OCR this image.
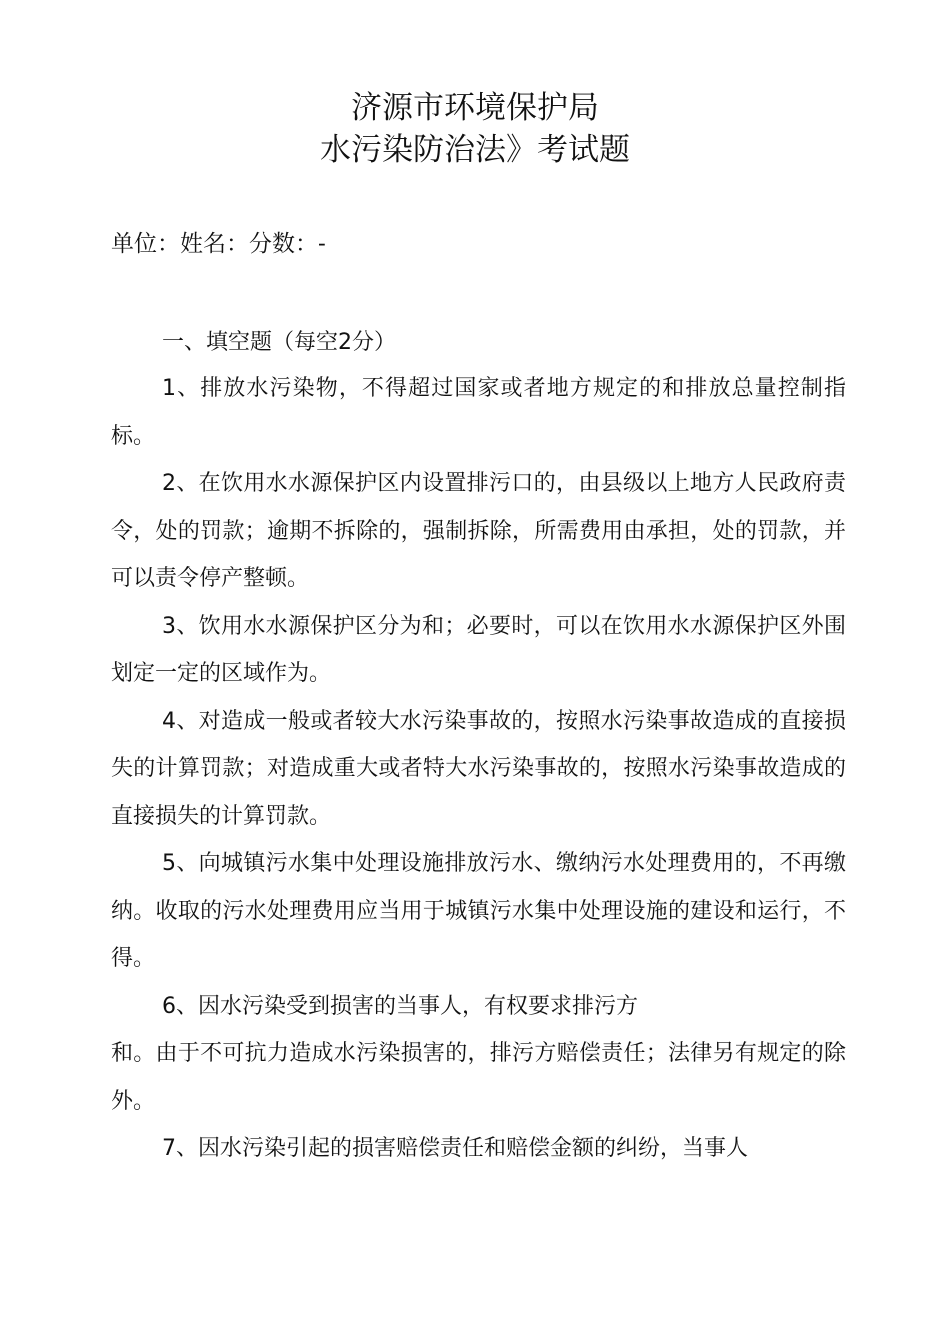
济源市环境保护局
水污染防治法》考试题
单位：姓名：分数：-
一、填空题（每空2分）

1、排放水污染物，不得超过国家或者地方规定的和排放总量控制指标。

2、在饮用水水源保护区内设置排污口的，由县级以上地方人民政府责令，处的罚款；逾期不拆除的，强制拆除，所需费用由承担，处的罚款，并可以责令停产整顿。

3、饮用水水源保护区分为和；必要时，可以在饮用水水源保护区外围划定一定的区域作为。

4、对造成一般或者较大水污染事故的，按照水污染事故造成的直接损失的计算罚款；对造成重大或者特大水污染事故的，按照水污染事故造成的直接损失的计算罚款。

5、向城镇污水集中处理设施排放污水、缴纳污水处理费用的，不再缴纳。收取的污水处理费用应当用于城镇污水集中处理设施的建设和运行，不得。

6、因水污染受到损害的当事人，有权要求排污方
和。由于不可抗力造成水污染损害的，排污方赔偿责任；法律另有规定的除外。

7、因水污染引起的损害赔偿责任和赔偿金额的纠纷，当事人
